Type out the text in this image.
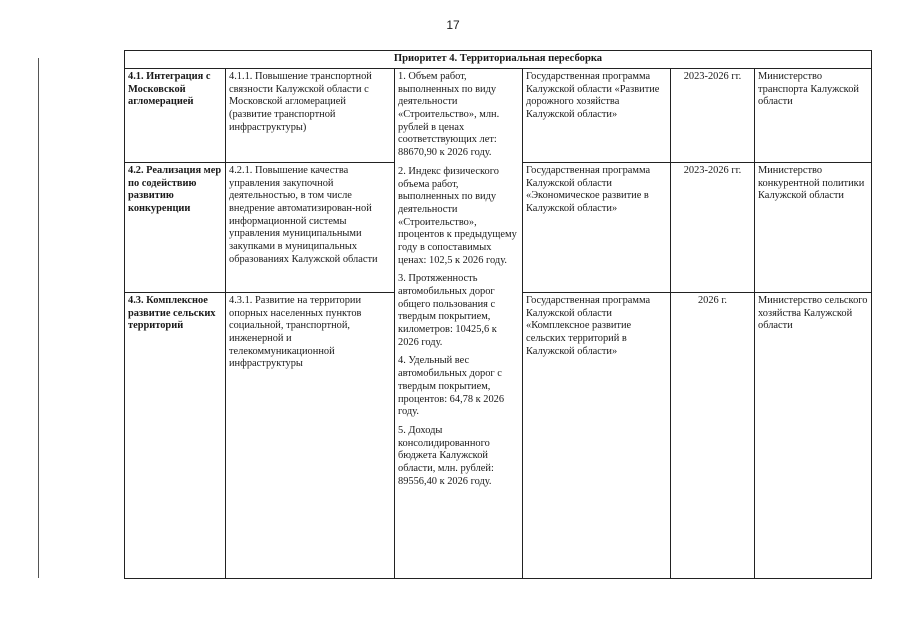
17
Приоритет 4. Территориальная пересборка					
4.1. Интеграция с Московской агломерацией	4.1.1. Повышение транспортной связности Калужской области с Московской агломерацией (развитие транспортной инфраструктуры)	1. Объем работ, выполненных по виду деятельности «Строительство», млн. рублей в ценах соответствующих лет: 88670,90 к 2026 году.
2. Индекс физического объема работ, выполненных по виду деятельности «Строительство», процентов к предыдущему году в сопоставимых ценах: 102,5 к 2026 году.
3. Протяженность автомобильных дорог общего пользования с твердым покрытием, километров: 10425,6 к 2026 году.
4. Удельный вес автомобильных дорог с твердым покрытием, процентов: 64,78 к 2026 году.
5. Доходы консолидированного бюджета Калужской области, млн. рублей: 89556,40 к 2026 году.	Государственная программа Калужской области «Развитие дорожного хозяйства Калужской области»	2023-2026 гг.	Министерство транспорта Калужской области
4.2. Реализация мер по содействию развитию конкуренции	4.2.1. Повышение качества управления закупочной деятельностью, в том числе внедрение автоматизирован-ной информационной системы управления муниципальными закупками в муниципальных образованиях Калужской области		Государственная программа Калужской области «Экономическое развитие в Калужской области»	2023-2026 гг.	Министерство конкурентной политики Калужской области
4.3. Комплексное развитие сельских территорий	4.3.1. Развитие на территории опорных населенных пунктов социальной, транспортной, инженерной и телекоммуникационной инфраструктуры		Государственная программа Калужской области «Комплексное развитие сельских территорий в Калужской области»	2026 г.	Министерство сельского хозяйства Калужской области
